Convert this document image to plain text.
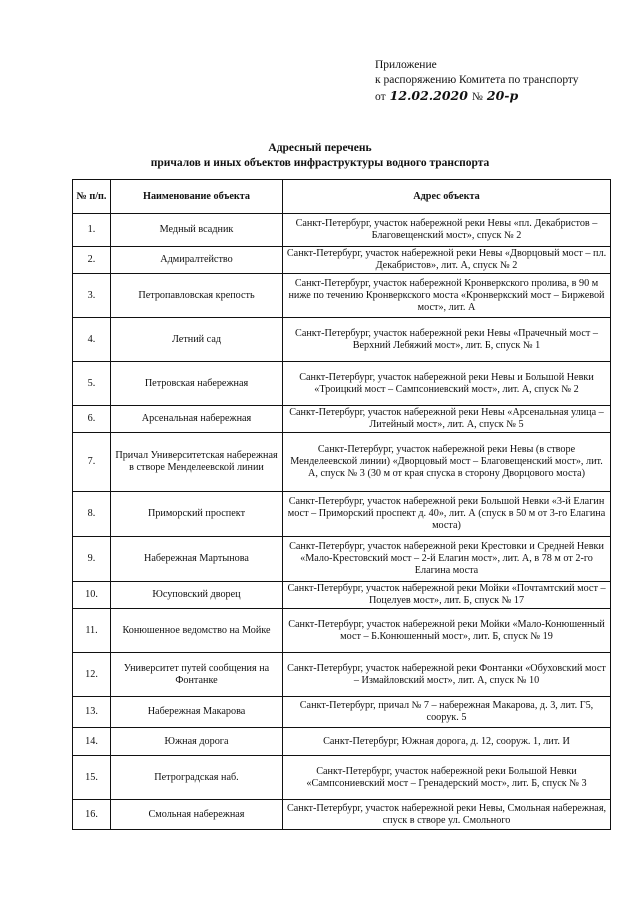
Приложение
к распоряжению Комитета по транспорту
от 12.02.2020 № 20-р
Адресный перечень
причалов и иных объектов инфраструктуры водного транспорта
№ п/п.	Наименование объекта	Адрес объекта
1.	Медный всадник	Санкт-Петербург, участок набережной реки Невы «пл. Декабристов – Благовещенский мост», спуск № 2
2.	Адмиралтейство	Санкт-Петербург, участок набережной реки Невы «Дворцовый мост – пл. Декабристов», лит. А, спуск № 2
3.	Петропавловская крепость	Санкт-Петербург, участок набережной Кронверкского пролива, в 90 м ниже по течению Кронверкского моста «Кронверкский мост – Биржевой мост», лит. А
4.	Летний сад	Санкт-Петербург, участок набережной реки Невы «Прачечный мост – Верхний Лебяжий мост», лит. Б, спуск № 1
5.	Петровская набережная	Санкт-Петербург, участок набережной реки Невы и Большой Невки «Троицкий мост – Сампсониевский мост», лит. А, спуск № 2
6.	Арсенальная набережная	Санкт-Петербург, участок набережной реки Невы «Арсенальная улица – Литейный мост», лит. А, спуск № 5
7.	Причал Университетская набережная в створе Менделеевской линии	Санкт-Петербург, участок набережной реки Невы (в створе Менделеевской линии) «Дворцовый мост – Благовещенский мост», лит. А, спуск № 3 (30 м от края спуска в сторону Дворцового моста)
8.	Приморский проспект	Санкт-Петербург, участок набережной реки Большой Невки «3-й Елагин мост – Приморский проспект д. 40», лит. А (спуск в 50 м от 3-го Елагина моста)
9.	Набережная Мартынова	Санкт-Петербург, участок набережной реки Крестовки и Средней Невки «Мало-Крестовский мост – 2-й Елагин мост», лит. А, в 78 м от 2-го Елагина моста
10.	Юсуповский дворец	Санкт-Петербург, участок набережной реки Мойки «Почтамтский мост – Поцелуев мост», лит. Б, спуск № 17
11.	Конюшенное ведомство на Мойке	Санкт-Петербург, участок набережной реки Мойки «Мало-Конюшенный мост – Б.Конюшенный мост», лит. Б, спуск № 19
12.	Университет путей сообщения на Фонтанке	Санкт-Петербург, участок набережной реки Фонтанки «Обуховский мост – Измайловский мост», лит. А, спуск № 10
13.	Набережная Макарова	Санкт-Петербург, причал № 7 – набережная Макарова, д. 3, лит. Г5, соорук. 5
14.	Южная дорога	Санкт-Петербург, Южная дорога, д. 12, сооруж. 1, лит. И
15.	Петроградская наб.	Санкт-Петербург, участок набережной реки Большой Невки «Сампсониевский мост – Гренадерский мост», лит. Б, спуск № 3
16.	Смольная набережная	Санкт-Петербург, участок набережной реки Невы, Смольная набережная, спуск в створе ул. Смольного
